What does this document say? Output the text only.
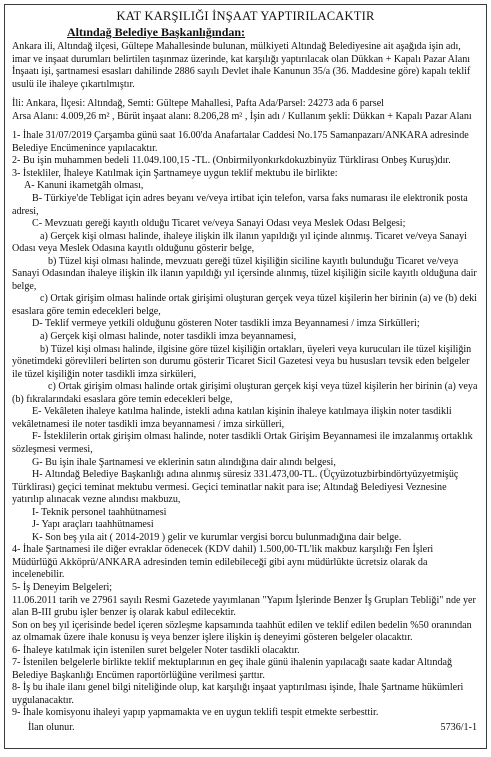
KAT KARŞILIĞI İNŞAAT YAPTIRILACAKTIR
Altındağ Belediye Başkanlığından:

Ankara ili, Altındağ ilçesi, Gültepe Mahallesinde bulunan, mülkiyeti Altındağ Belediyesine ait aşağıda işin adı, imar ve inşaat durumları belirtilen taşınmaz üzerinde, kat karşılığı yaptırılacak olan Dükkan + Kapalı Pazar Alanı İnşaatı işi, şartnamesi esasları dahilinde 2886 sayılı Devlet ihale Kanunun 35/a (36. Maddesine göre) kapalı teklif usulü ile ihaleye çıkartılmıştır.

İli: Ankara, İlçesi: Altındağ, Semti: Gültepe Mahallesi, Pafta Ada/Parsel: 24273 ada 6 parsel

Arsa Alanı: 4.009,26 m² , Bürüt inşaat alanı: 8.206,28 m² , İşin adı / Kullanım şekli: Dükkan + Kapalı Pazar Alanı

1- İhale 31/07/2019 Çarşamba günü saat 16.00'da Anafartalar Caddesi No.175 Samanpazarı/ANKARA adresinde Belediye Encümenince yapılacaktır.

2- Bu işin muhammen bedeli 11.049.100,15 -TL. (Onbirmilyonkırkdokuzbinyüz Türklirası Onbeş Kuruş)dır.

3- İstekliler, İhaleye Katılmak için Şartnameye uygun teklif mektubu ile birlikte:

A- Kanuni ikametgâh olması,

B- Türkiye'de Tebligat için adres beyanı ve/veya irtibat için telefon, varsa faks numarası ile elektronik posta adresi,

C- Mevzuatı gereği kayıtlı olduğu Ticaret ve/veya Sanayi Odası veya Meslek Odası Belgesi;

a) Gerçek kişi olması halinde, ihaleye ilişkin ilk ilanın yapıldığı yıl içinde alınmış. Ticaret ve/veya Sanayi Odası veya Meslek Odasına kayıtlı olduğunu gösterir belge,

b) Tüzel kişi olması halinde, mevzuatı gereği tüzel kişiliğin siciline kayıtlı bulunduğu Ticaret ve/veya Sanayi Odasından ihaleye ilişkin ilk ilanın yapıldığı yıl içersinde alınmış, tüzel kişiliğin sicile kayıtlı olduğuna dair belge,

c) Ortak girişim olması halinde ortak girişimi oluşturan gerçek veya tüzel kişilerin her birinin (a) ve (b) deki esaslara göre temin edecekleri belge,

D- Teklif vermeye yetkili olduğunu gösteren Noter tasdikli imza Beyannamesi / imza Sirkülleri;

a) Gerçek kişi olması halinde, noter tasdikli imza beyannamesi,

b) Tüzel kişi olması halinde, ilgisine göre tüzel kişiliğin ortakları, üyeleri veya kurucuları ile tüzel kişiliğin yönetimdeki görevlileri belirten son durumu gösterir Ticaret Sicil Gazetesi veya bu hususları tevsik eden belgeler ile tüzel kişiliğin noter tasdikli imza sirküleri,

c) Ortak girişim olması halinde ortak girişimi oluşturan gerçek kişi veya tüzel kişilerin her birinin (a) veya (b) fıkralarındaki esaslara göre temin edecekleri belge,

E- Vekâleten ihaleye katılma halinde, istekli adına katılan kişinin ihaleye katılmaya ilişkin noter tasdikli vekâletnamesi ile noter tasdikli imza beyannamesi / imza sirkülleri,

F- İsteklilerin ortak girişim olması halinde, noter tasdikli Ortak Girişim Beyannamesi ile imzalanmış ortaklık sözleşmesi vermesi,

G- Bu işin ihale Şartnamesi ve eklerinin satın alındığına dair alındı belgesi,

H- Altındağ Belediye Başkanlığı adına alınmış süresiz 331.473,00-TL. (Üçyüzotuzbirbindörtyüzyetmişüç Türklirası) geçici teminat mektubu vermesi. Geçici teminatlar nakit para ise; Altındağ Belediyesi Veznesine yatırılıp alınacak vezne alındısı makbuzu,

I- Teknik personel taahhütnamesi

J- Yapı araçları taahhütnamesi

K- Son beş yıla ait ( 2014-2019 ) gelir ve kurumlar vergisi borcu bulunmadığına dair belge.

4- İhale Şartnamesi ile diğer evraklar ödenecek (KDV dahil) 1.500,00-TL'lik makbuz karşılığı Fen İşleri Müdürlüğü Akköprü/ANKARA adresinden temin edilebileceği gibi aynı müdürlükte ücretsiz olarak da incelenebilir.

5- İş Deneyim Belgeleri;

11.06.2011 tarih ve 27961 sayılı Resmi Gazetede yayımlanan "Yapım İşlerinde Benzer İş Grupları Tebliği" nde yer alan B-III grubu işler benzer iş olarak kabul edilecektir.

Son on beş yıl içerisinde bedel içeren sözleşme kapsamında taahhüt edilen ve teklif edilen bedelin %50 oranından az olmamak üzere ihale konusu iş veya benzer işlere ilişkin iş deneyimi gösteren belgeler olacaktır.

6- İhaleye katılmak için istenilen suret belgeler Noter tasdikli olacaktır.

7- İstenilen belgelerle birlikte teklif mektuplarının en geç ihale günü ihalenin yapılacağı saate kadar Altındağ Belediye Başkanlığı Encümen raportörlüğüne verilmesi şarttır.

8- İş bu ihale ilanı genel bilgi niteliğinde olup, kat karşılığı inşaat yaptırılması işinde, İhale Şartname hükümleri uygulanacaktır.

9- İhale komisyonu ihaleyi yapıp yapmamakta ve en uygun teklifi tespit etmekte serbesttir.

İlan olunur.	5736/1-1
